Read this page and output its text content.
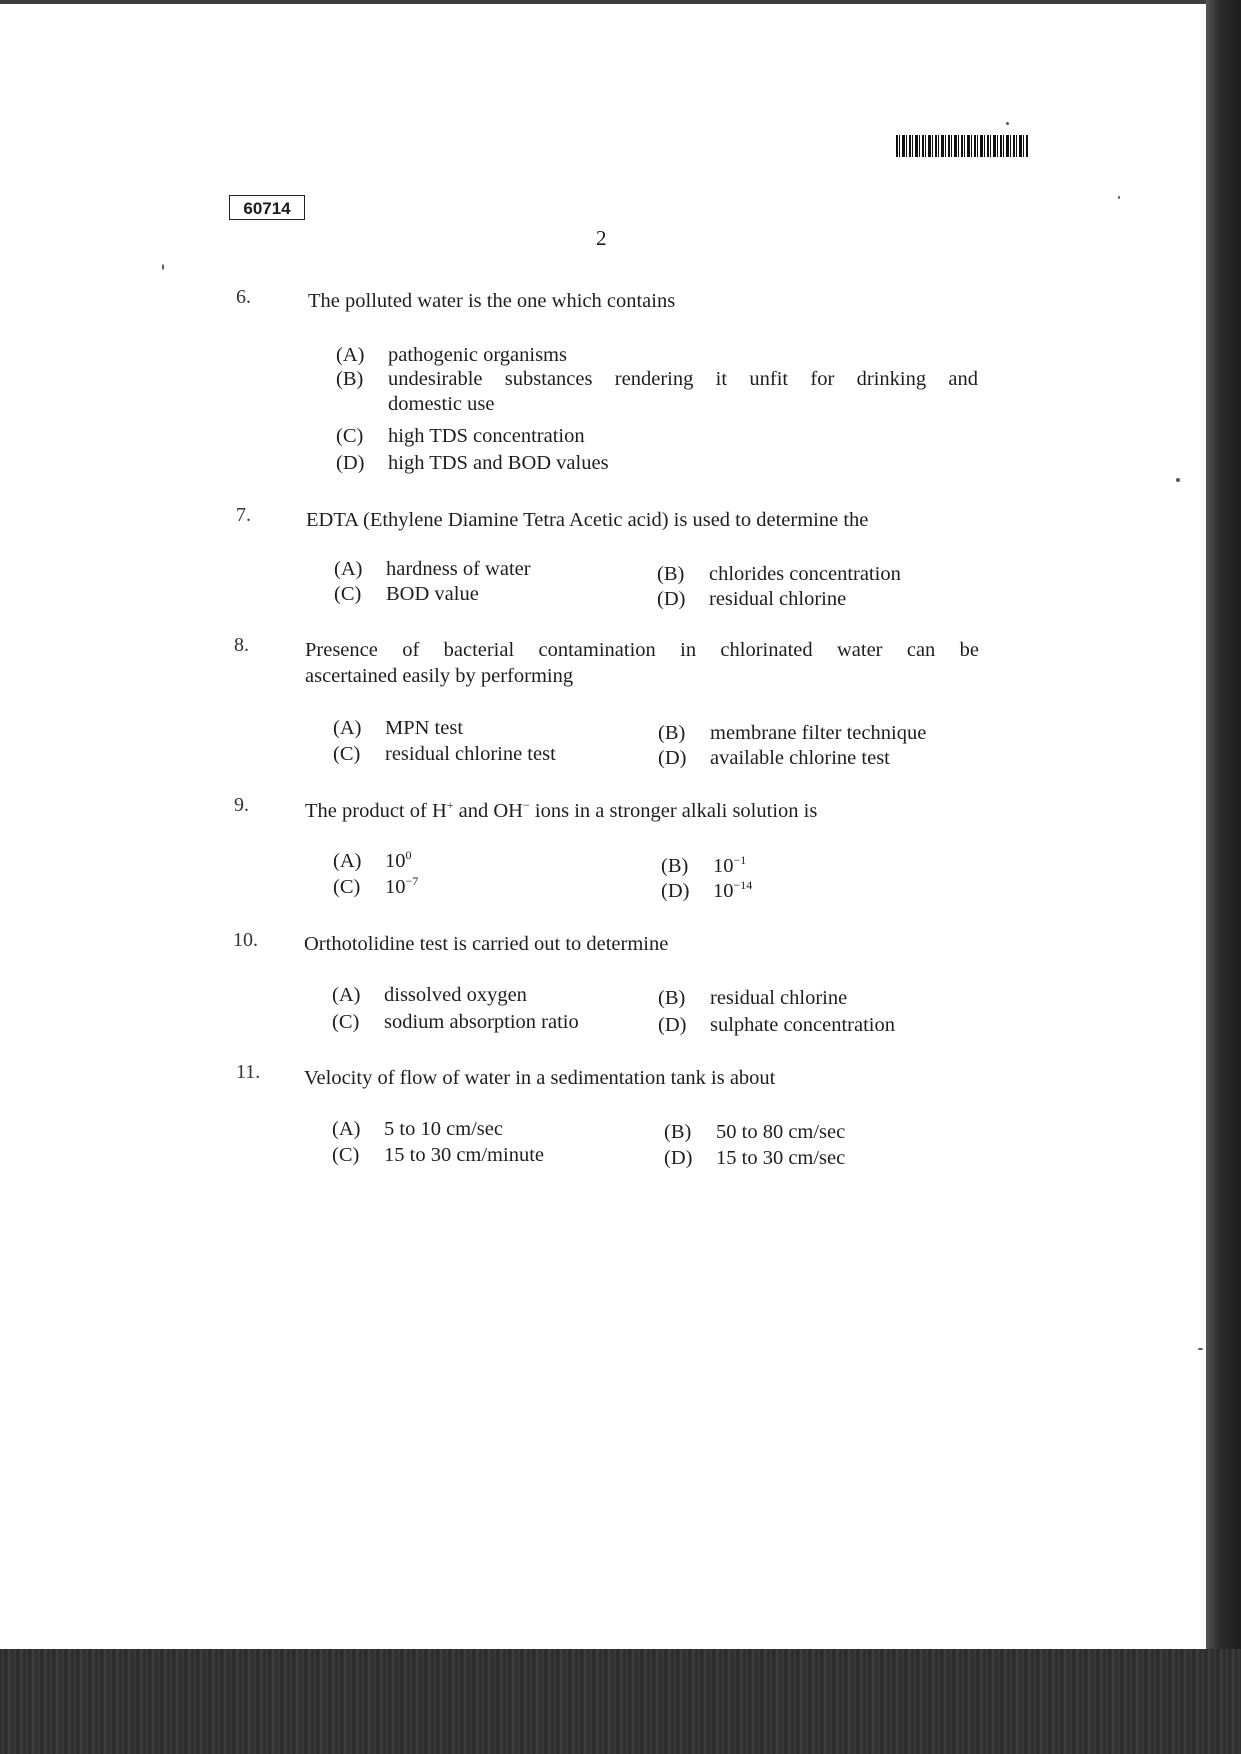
60714
2
6.	The polluted water is the one which contains
(A) pathogenic organisms
(B) undesirable substances rendering it unfit for drinking and
domestic use
(C) high TDS concentration
(D) high TDS and BOD values
7.	EDTA (Ethylene Diamine Tetra Acetic acid) is used to determine the
(A) hardness of water	(B) chlorides concentration
(C) BOD value	(D) residual chlorine
8.	Presence of bacterial contamination in chlorinated water can be
ascertained easily by performing
(A) MPN test	(B) membrane filter technique
(C) residual chlorine test	(D) available chlorine test
9.	The product of H+ and OH− ions in a stronger alkali solution is
(A) $10^0$	(B) $10^{-1}$
(C) $10^{-7}$	(D) $10^{-14}$
10. Orthotolidine test is carried out to determine
(A) dissolved oxygen	(B) residual chlorine
(C) sodium absorption ratio	(D) sulphate concentration
11. Velocity of flow of water in a sedimentation tank is about
(A) 5 to 10 cm/sec	(B) 50 to 80 cm/sec
(C) 15 to 30 cm/minute	(D) 15 to 30 cm/sec
